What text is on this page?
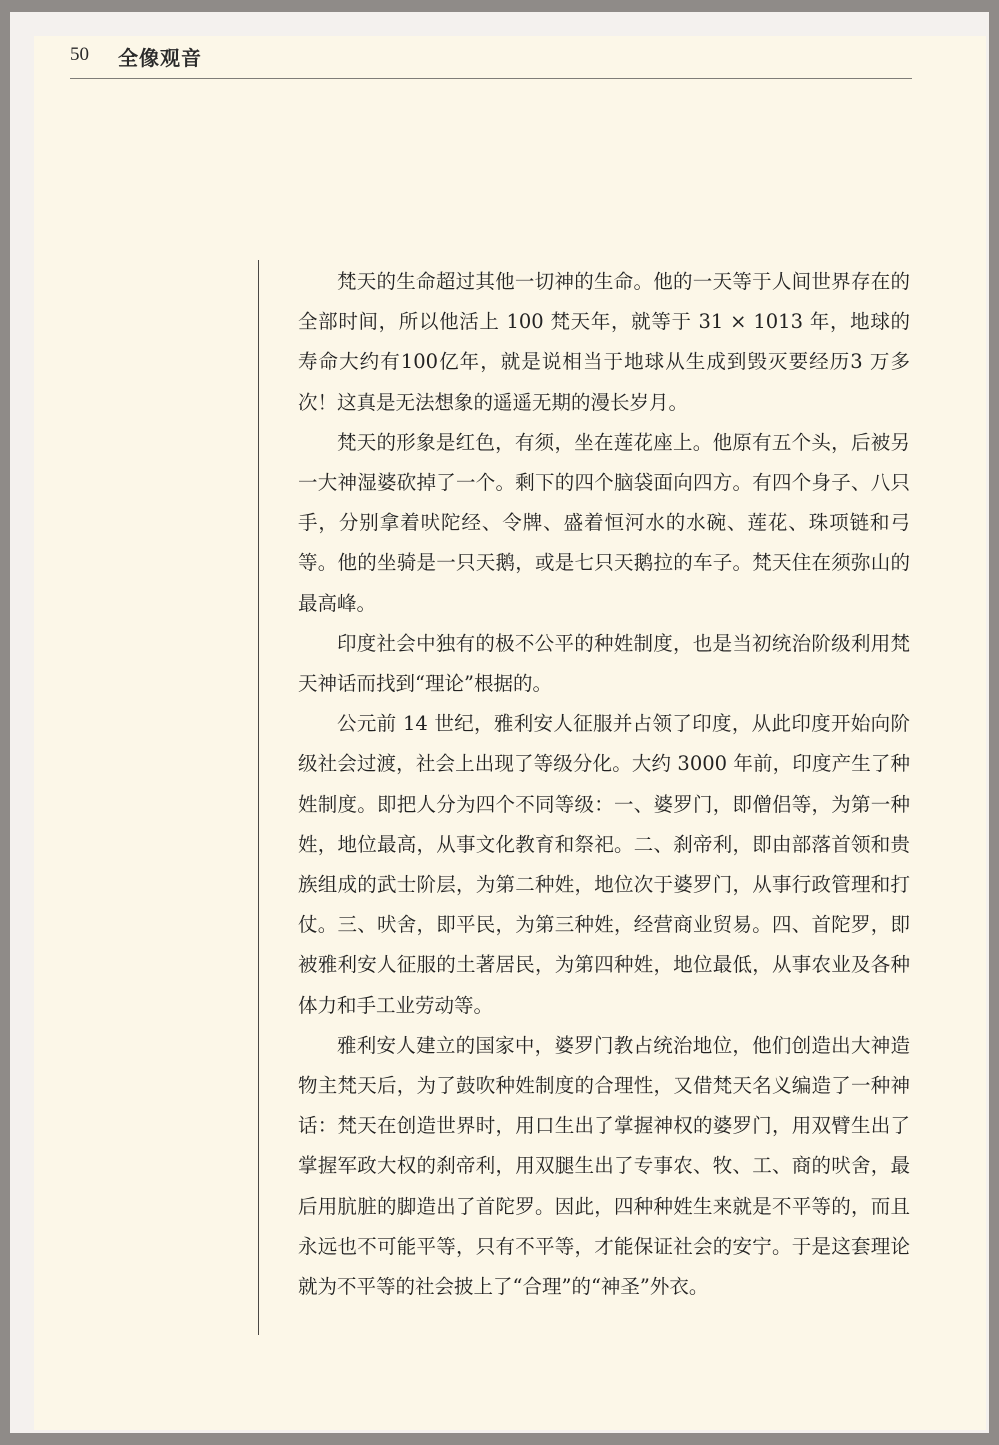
50 全像观音

梵天的生命超过其他一切神的生命。他的一天等于人间世界存在的全部时间，所以他活上 100 梵天年，就等于 31 × 1013 年，地球的寿命大约有100亿年，就是说相当于地球从生成到毁灭要经历3 万多次！这真是无法想象的遥遥无期的漫长岁月。

梵天的形象是红色，有须，坐在莲花座上。他原有五个头，后被另一大神湿婆砍掉了一个。剩下的四个脑袋面向四方。有四个身子、八只手，分别拿着吠陀经、令牌、盛着恒河水的水碗、莲花、珠项链和弓等。他的坐骑是一只天鹅，或是七只天鹅拉的车子。梵天住在须弥山的最高峰。

印度社会中独有的极不公平的种姓制度，也是当初统治阶级利用梵天神话而找到“理论”根据的。

公元前 14 世纪，雅利安人征服并占领了印度，从此印度开始向阶级社会过渡，社会上出现了等级分化。大约 3000 年前，印度产生了种姓制度。即把人分为四个不同等级：一、婆罗门，即僧侣等，为第一种姓，地位最高，从事文化教育和祭祀。二、刹帝利，即由部落首领和贵族组成的武士阶层，为第二种姓，地位次于婆罗门，从事行政管理和打仗。三、吠舍，即平民，为第三种姓，经营商业贸易。四、首陀罗，即被雅利安人征服的土著居民，为第四种姓，地位最低，从事农业及各种体力和手工业劳动等。

雅利安人建立的国家中，婆罗门教占统治地位，他们创造出大神造物主梵天后，为了鼓吹种姓制度的合理性，又借梵天名义编造了一种神话：梵天在创造世界时，用口生出了掌握神权的婆罗门，用双臂生出了掌握军政大权的刹帝利，用双腿生出了专事农、牧、工、商的吠舍，最后用肮脏的脚造出了首陀罗。因此，四种种姓生来就是不平等的，而且永远也不可能平等，只有不平等，才能保证社会的安宁。于是这套理论就为不平等的社会披上了“合理”的“神圣”外衣。
